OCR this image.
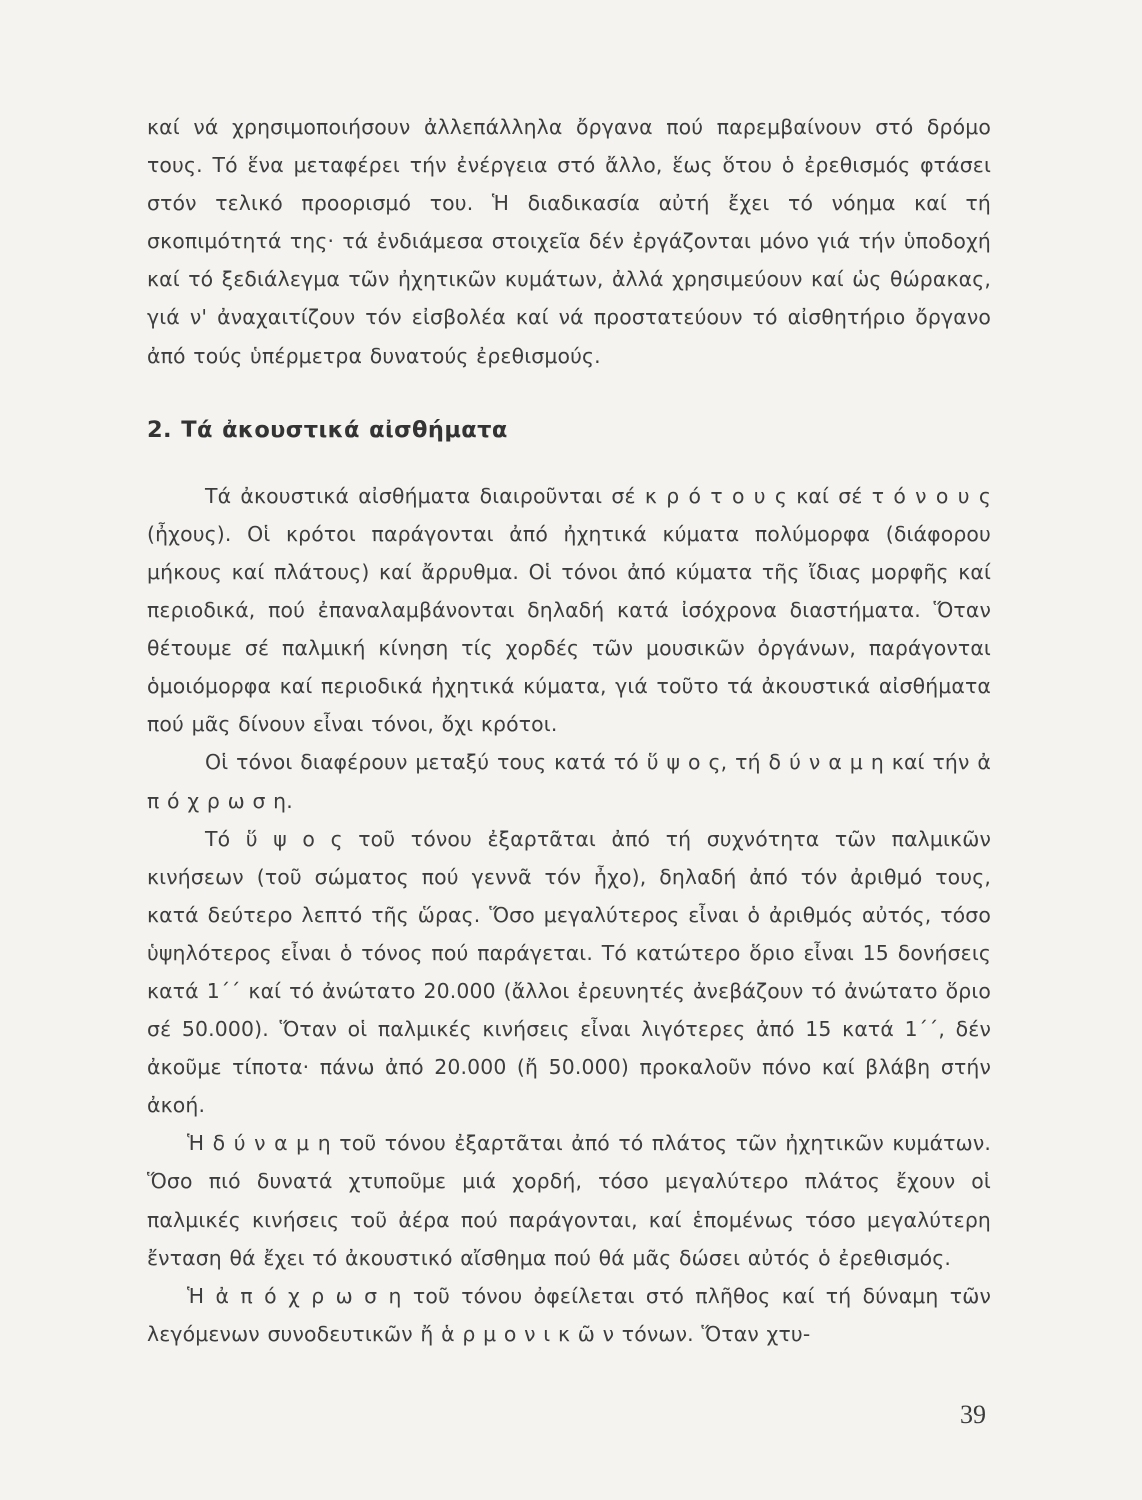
καί νά χρησιμοποιήσουν ἀλλεπάλληλα ὄργανα πού παρεμβαίνουν στό δρόμο τους. Τό ἕνα μεταφέρει τήν ἐνέργεια στό ἄλλο, ἕως ὅτου ὁ ἐρεθισμός φτάσει στόν τελικό προορισμό του. Ἡ διαδικασία αὐτή ἔχει τό νόημα καί τή σκοπιμότητά της· τά ἐνδιάμεσα στοιχεῖα δέν ἐργάζονται μόνο γιά τήν ὑποδοχή καί τό ξεδιάλεγμα τῶν ἠχητικῶν κυμάτων, ἀλλά χρησιμεύουν καί ὡς θώρακας, γιά ν' ἀναχαιτίζουν τόν εἰσβολέα καί νά προστατεύουν τό αἰσθητήριο ὄργανο ἀπό τούς ὑπέρμετρα δυνατούς ἐρεθισμούς.

2. Τά ἀκουστικά αἰσθήματα

Τά ἀκουστικά αἰσθήματα διαιροῦνται σέ κ ρ ό τ ο υ ς καί σέ τ ό ν ο υ ς (ἦχους). Οἱ κρότοι παράγονται ἀπό ἠχητικά κύματα πολύμορφα (διάφορου μήκους καί πλάτους) καί ἄρρυθμα. Οἱ τόνοι ἀπό κύματα τῆς ἴδιας μορφῆς καί περιοδικά, πού ἐπαναλαμβάνονται δηλαδή κατά ἰσόχρονα διαστήματα. Ὅταν θέτουμε σέ παλμική κίνηση τίς χορδές τῶν μουσικῶν ὀργάνων, παράγονται ὁμοιόμορφα καί περιοδικά ἠχητικά κύματα, γιά τοῦτο τά ἀκουστικά αἰσθήματα πού μᾶς δίνουν εἶναι τόνοι, ὄχι κρότοι.

Οἱ τόνοι διαφέρουν μεταξύ τους κατά τό ὕ ψ ο ς, τή δ ύ ν α μ η καί τήν ἀ π ό χ ρ ω σ η.

Τό ὕ ψ ο ς τοῦ τόνου ἐξαρτᾶται ἀπό τή συχνότητα τῶν παλμικῶν κινήσεων (τοῦ σώματος πού γεννᾶ τόν ἦχο), δηλαδή ἀπό τόν ἀριθμό τους, κατά δεύτερο λεπτό τῆς ὥρας. Ὅσο μεγαλύτερος εἶναι ὁ ἀριθμός αὐτός, τόσο ὑψηλότερος εἶναι ὁ τόνος πού παράγεται. Τό κατώτερο ὅριο εἶναι 15 δονήσεις κατά 1΄΄ καί τό ἀνώτατο 20.000 (ἄλλοι ἐρευνητές ἀνεβάζουν τό ἀνώτατο ὅριο σέ 50.000). Ὅταν οἱ παλμικές κινήσεις εἶναι λιγότερες ἀπό 15 κατά 1΄΄, δέν ἀκοῦμε τίποτα· πάνω ἀπό 20.000 (ἤ 50.000) προκαλοῦν πόνο καί βλάβη στήν ἀκοή.

Ἡ δ ύ ν α μ η τοῦ τόνου ἐξαρτᾶται ἀπό τό πλάτος τῶν ἠχητικῶν κυμάτων. Ὅσο πιό δυνατά χτυποῦμε μιά χορδή, τόσο μεγαλύτερο πλάτος ἔχουν οἱ παλμικές κινήσεις τοῦ ἀέρα πού παράγονται, καί ἑπομένως τόσο μεγαλύτερη ἔνταση θά ἔχει τό ἀκουστικό αἴσθημα πού θά μᾶς δώσει αὐτός ὁ ἐρεθισμός.

Ἡ ἀ π ό χ ρ ω σ η τοῦ τόνου ὀφείλεται στό πλῆθος καί τή δύναμη τῶν λεγόμενων συνοδευτικῶν ἤ ἁ ρ μ ο ν ι κ ῶ ν τόνων. Ὅταν χτυ-

39
